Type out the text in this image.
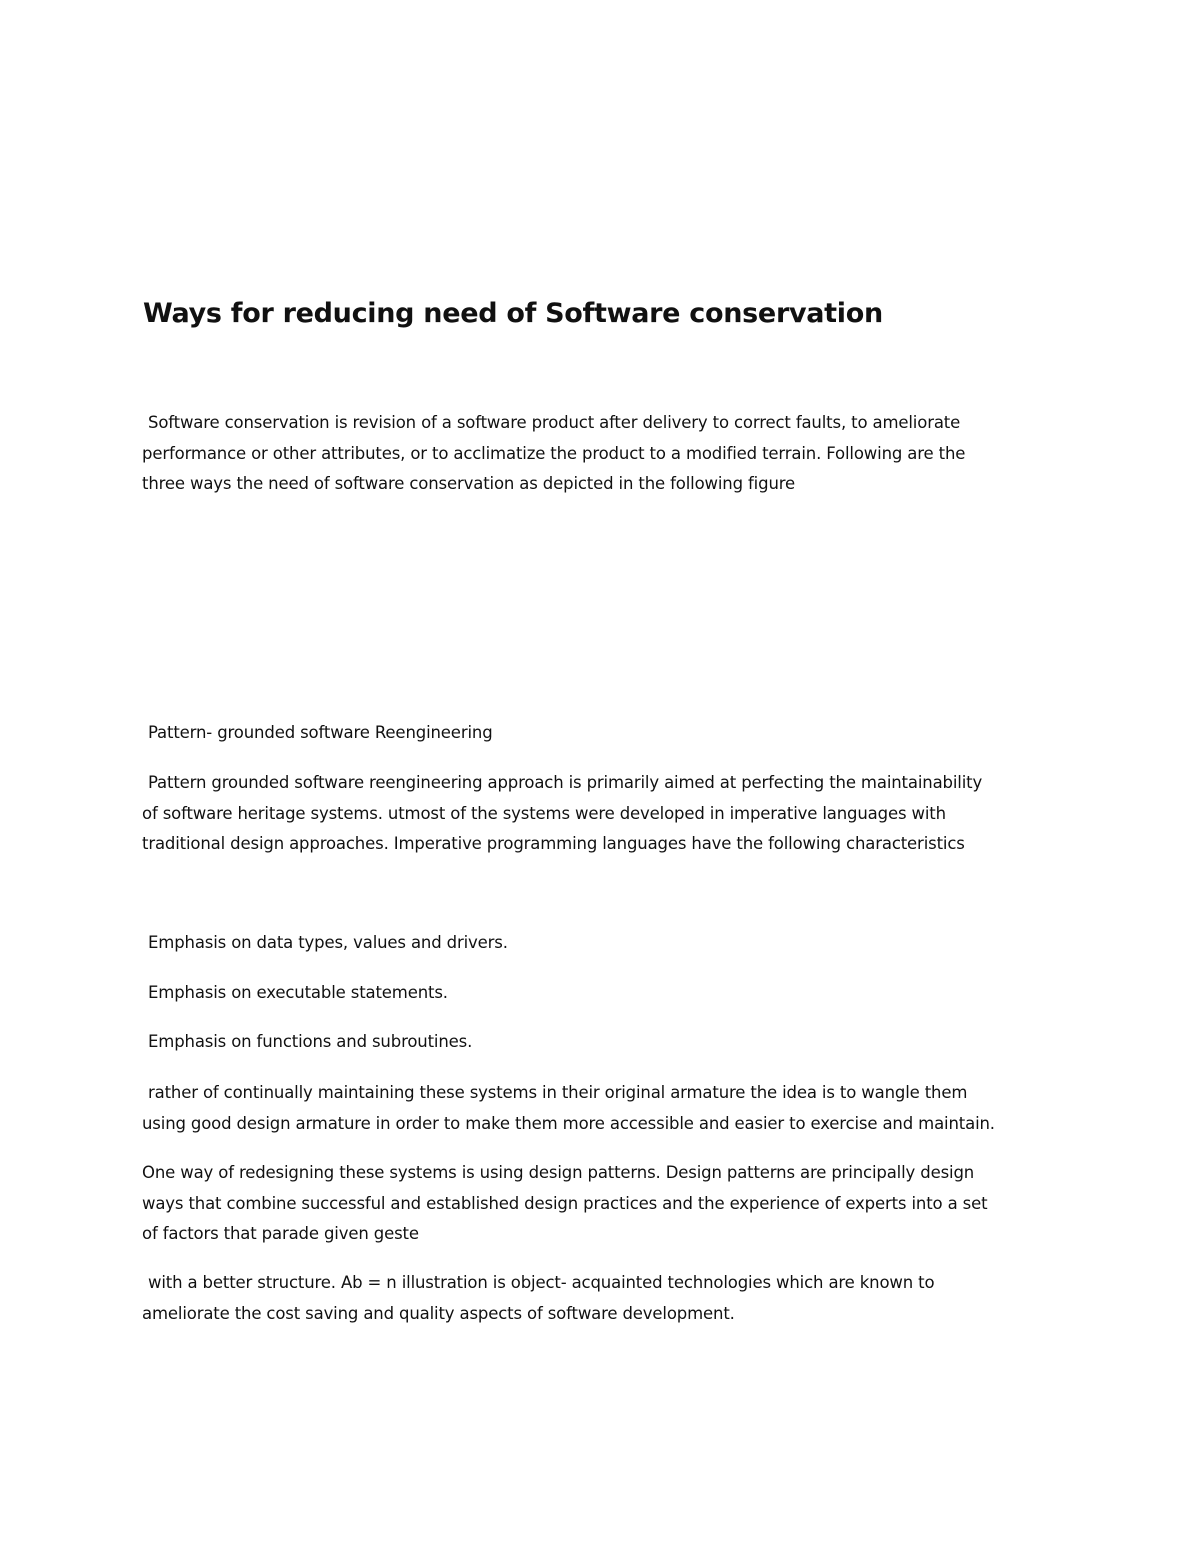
Ways for reducing need of Software conservation

Software conservation is revision of a software product after delivery to correct faults, to ameliorate
performance or other attributes, or to acclimatize the product to a modified terrain. Following are the
three ways the need of software conservation as depicted in the following figure

Pattern- grounded software Reengineering

Pattern grounded software reengineering approach is primarily aimed at perfecting the maintainability
of software heritage systems. utmost of the systems were developed in imperative languages with
traditional design approaches. Imperative programming languages have the following characteristics

Emphasis on data types, values and drivers.

Emphasis on executable statements.

Emphasis on functions and subroutines.

rather of continually maintaining these systems in their original armature the idea is to wangle them
using good design armature in order to make them more accessible and easier to exercise and maintain.

One way of redesigning these systems is using design patterns. Design patterns are principally design
ways that combine successful and established design practices and the experience of experts into a set
of factors that parade given geste

with a better structure. Ab = n illustration is object- acquainted technologies which are known to
ameliorate the cost saving and quality aspects of software development.
